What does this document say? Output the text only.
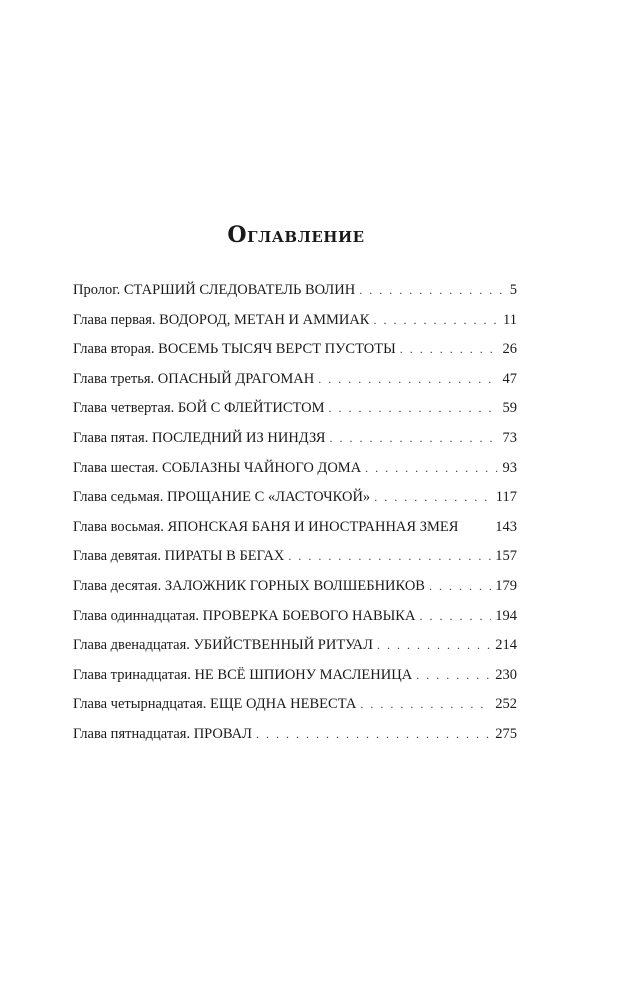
Оглавление
Пролог. СТАРШИЙ СЛЕДОВАТЕЛЬ ВОЛИН . . .	5
Глава первая. ВОДОРОД, МЕТАН И АММИАК . . .	11
Глава вторая. ВОСЕМЬ ТЫСЯЧ ВЕРСТ ПУСТОТЫ . . .	26
Глава третья. ОПАСНЫЙ ДРАГОМАН . . .	47
Глава четвертая. БОЙ С ФЛЕЙТИСТОМ . . .	59
Глава пятая. ПОСЛЕДНИЙ ИЗ НИНДЗЯ . . .	73
Глава шестая. СОБЛАЗНЫ ЧАЙНОГО ДОМА . . .	93
Глава седьмая. ПРОЩАНИЕ С «ЛАСТОЧКОЙ» . . .	117
Глава восьмая. ЯПОНСКАЯ БАНЯ И ИНОСТРАННАЯ ЗМЕЯ	143
Глава девятая. ПИРАТЫ В БЕГАХ . . .	157
Глава десятая. ЗАЛОЖНИК ГОРНЫХ ВОЛШЕБНИКОВ . . .	179
Глава одиннадцатая. ПРОВЕРКА БОЕВОГО НАВЫКА . . .	194
Глава двенадцатая. УБИЙСТВЕННЫЙ РИТУАЛ . . .	214
Глава тринадцатая. НЕ ВСЁ ШПИОНУ МАСЛЕНИЦА . . .	230
Глава четырнадцатая. ЕЩЕ ОДНА НЕВЕСТА . . .	252
Глава пятнадцатая. ПРОВАЛ . . .	275
